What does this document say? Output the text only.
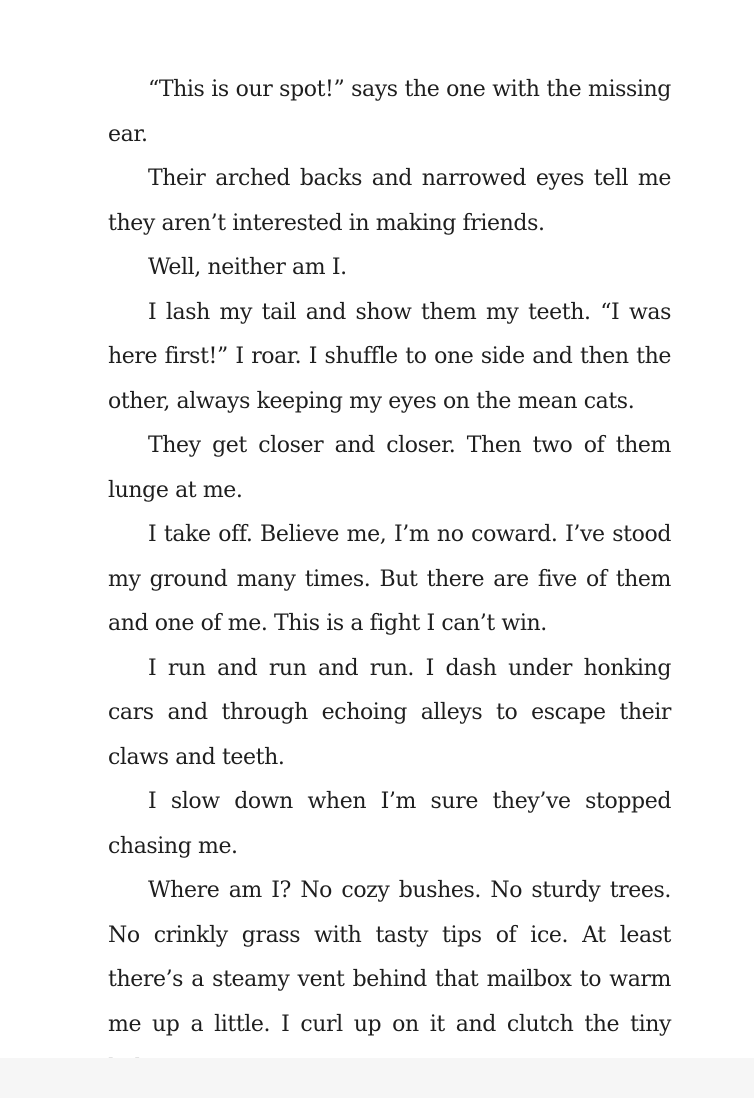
“This is our spot!” says the one with the missing ear.

Their arched backs and narrowed eyes tell me they aren’t interested in making friends.

Well, neither am I.

I lash my tail and show them my teeth. “I was here first!” I roar. I shuffle to one side and then the other, always keeping my eyes on the mean cats.

They get closer and closer. Then two of them lunge at me.

I take off. Believe me, I’m no coward. I’ve stood my ground many times. But there are five of them and one of me. This is a fight I can’t win.

I run and run and run. I dash under honking cars and through echoing alleys to escape their claws and teeth.

I slow down when I’m sure they’ve stopped chasing me.

Where am I? No cozy bushes. No sturdy trees. No crinkly grass with tasty tips of ice. At least there’s a steamy vent behind that mailbox to warm me up a little. I curl up on it and clutch the tiny
